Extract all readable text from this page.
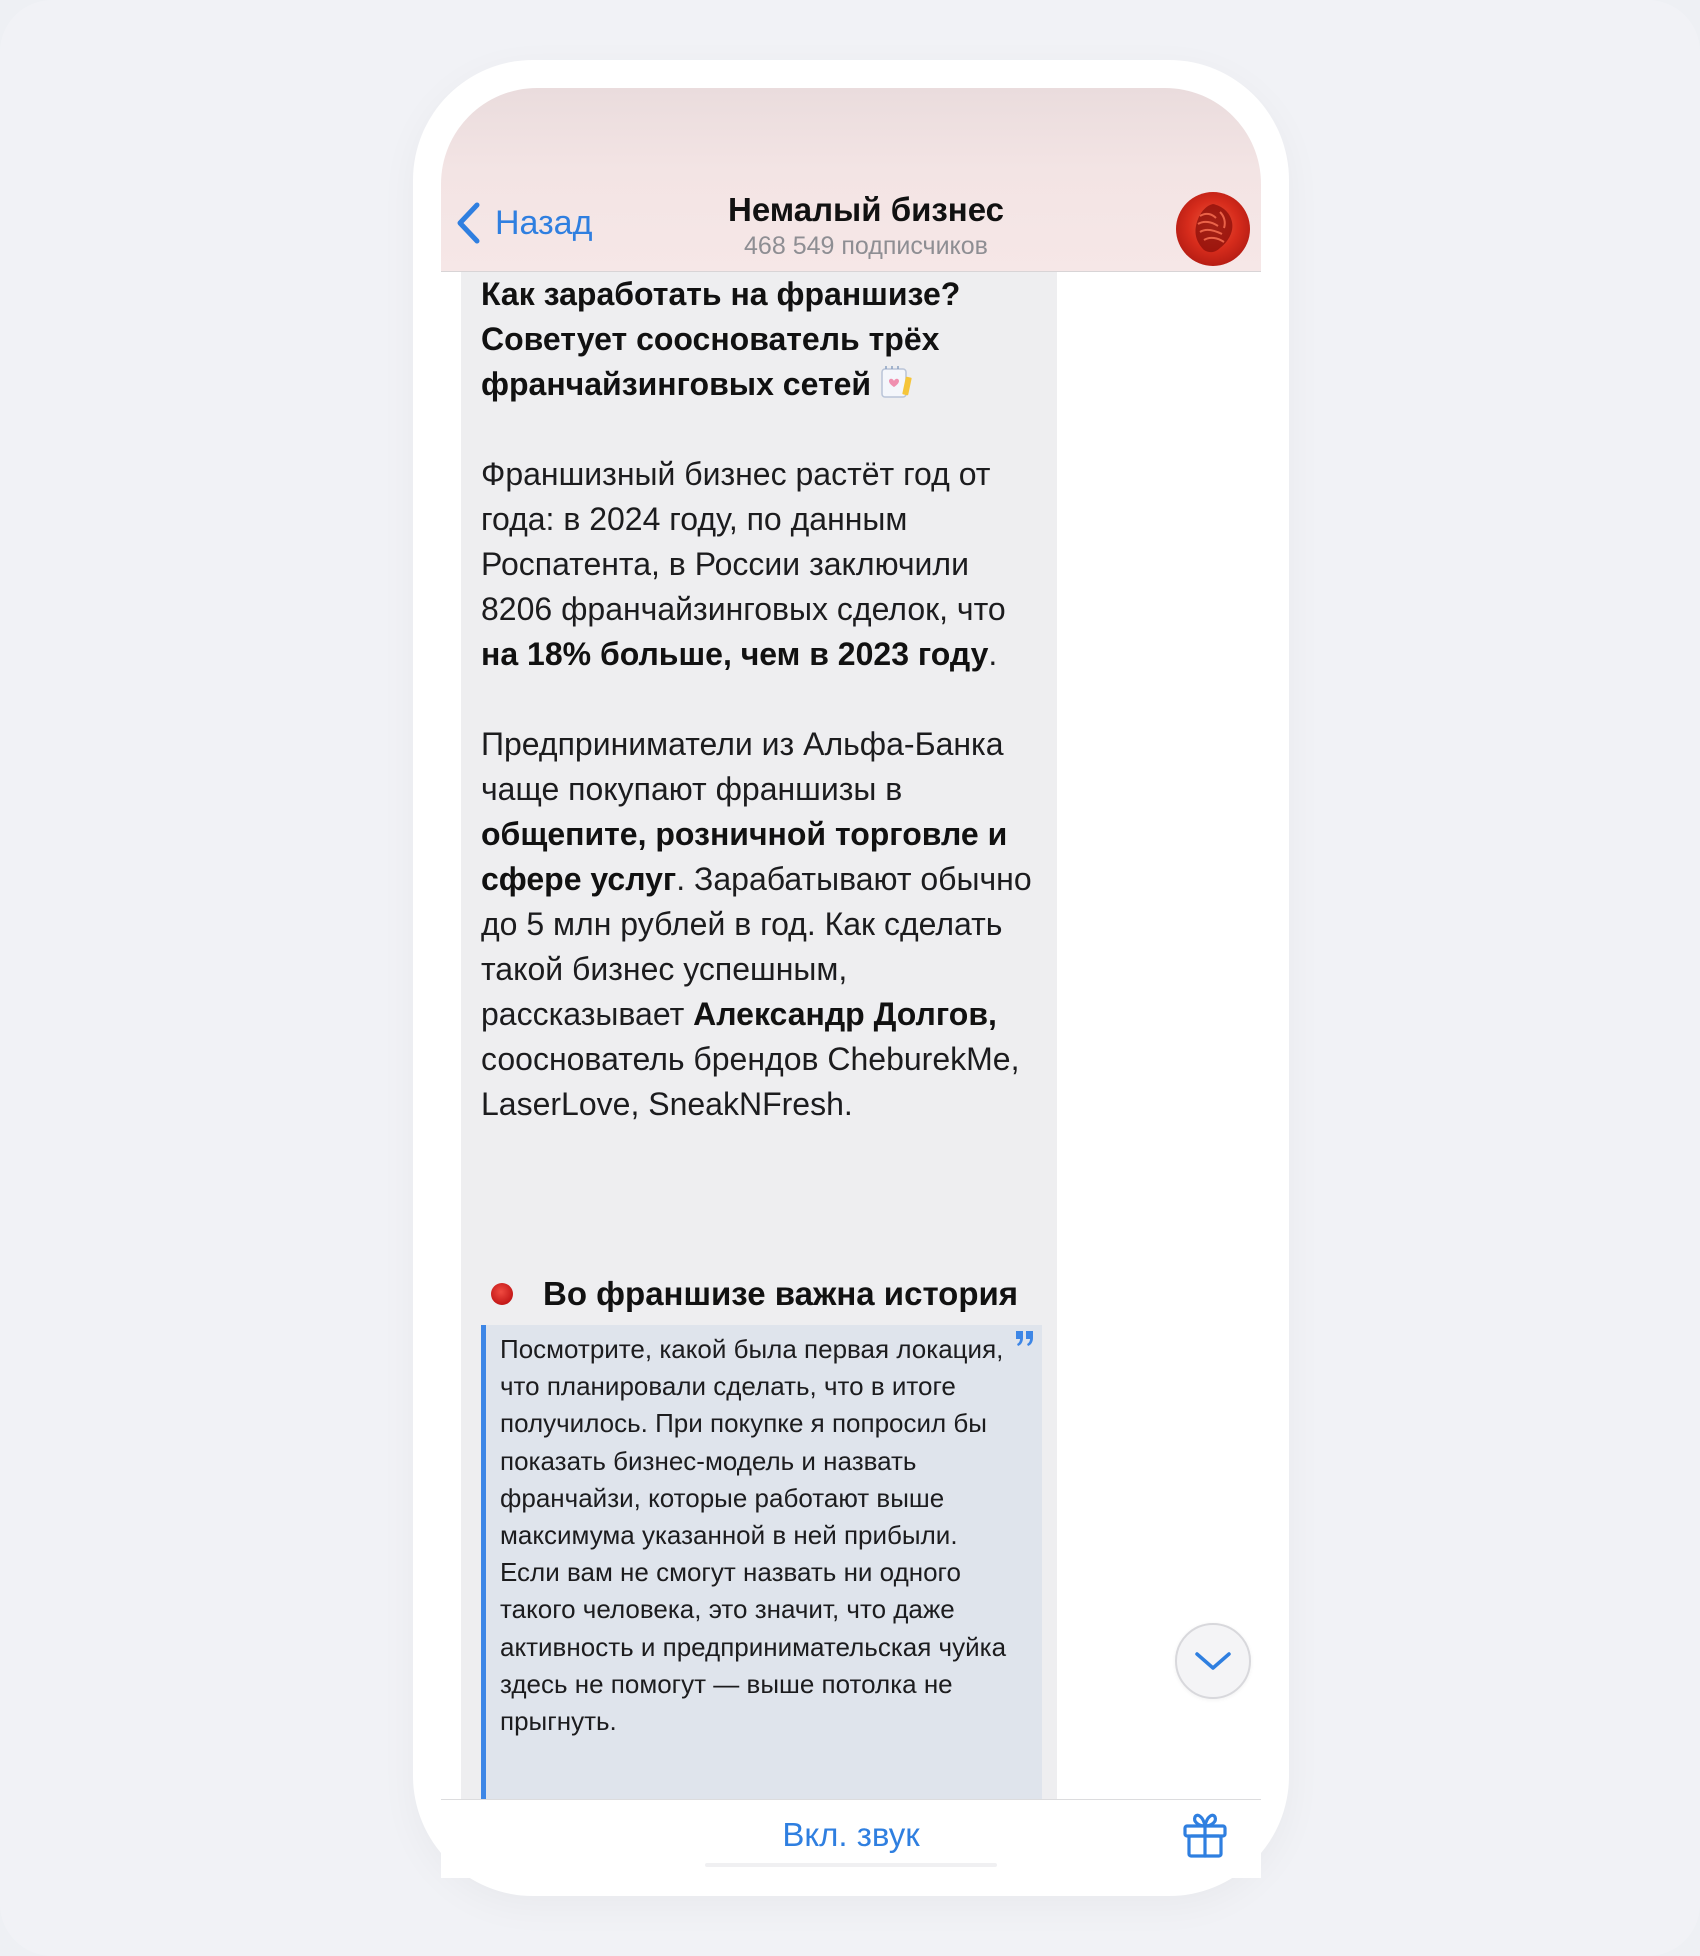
Назад	Немалый бизнес
468 549 подписчиков

Как заработать на франшизе?
Советует сооснователь трёх
франчайзинговых сетей

Франшизный бизнес растёт год от года: в 2024 году, по данным Роспатента, в России заключили 8206 франчайзинговых сделок, что на 18% больше, чем в 2023 году.

Предприниматели из Альфа-Банка чаще покупают франшизы в общепите, розничной торговле и сфере услуг. Зарабатывают обычно до 5 млн рублей в год. Как сделать такой бизнес успешным, рассказывает Александр Долгов, сооснователь брендов CheburekMe, LaserLove, SneakNFresh.

Во франшизе важна история
Посмотрите, какой была первая локация, что планировали сделать, что в итоге получилось. При покупке я попросил бы показать бизнес-модель и назвать франчайзи, которые работают выше максимума указанной в ней прибыли. Если вам не смогут назвать ни одного такого человека, это значит, что даже активность и предпринимательская чуйка здесь не помогут — выше потолка не прыгнуть.
Вкл. звук
